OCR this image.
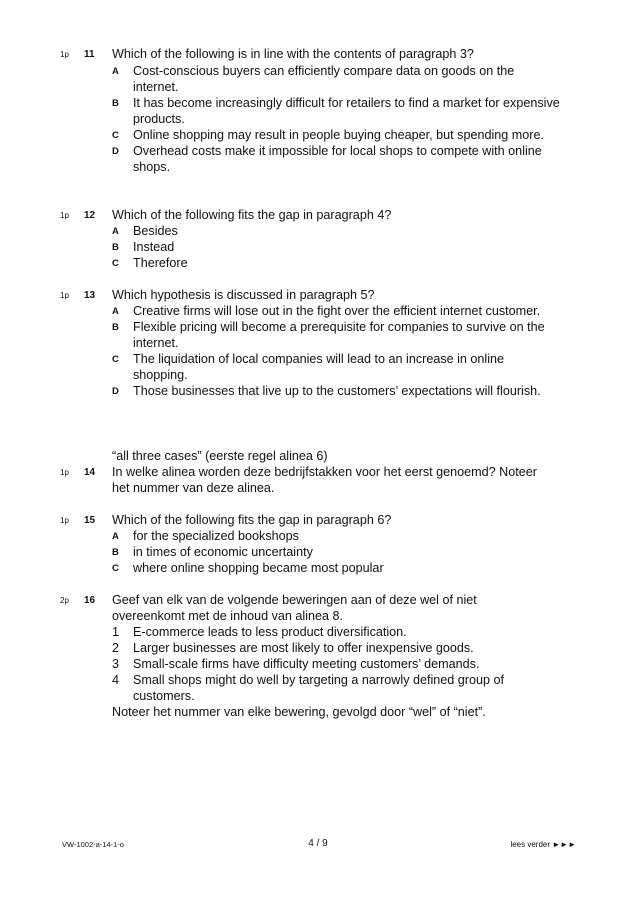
1p 11 Which of the following is in line with the contents of paragraph 3?
A Cost-conscious buyers can efficiently compare data on goods on the internet.
B It has become increasingly difficult for retailers to find a market for expensive products.
C Online shopping may result in people buying cheaper, but spending more.
D Overhead costs make it impossible for local shops to compete with online shops.
1p 12 Which of the following fits the gap in paragraph 4?
A Besides
B Instead
C Therefore
1p 13 Which hypothesis is discussed in paragraph 5?
A Creative firms will lose out in the fight over the efficient internet customer.
B Flexible pricing will become a prerequisite for companies to survive on the internet.
C The liquidation of local companies will lead to an increase in online shopping.
D Those businesses that live up to the customers’ expectations will flourish.
“all three cases” (eerste regel alinea 6)
1p 14 In welke alinea worden deze bedrijfstakken voor het eerst genoemd? Noteer het nummer van deze alinea.
1p 15 Which of the following fits the gap in paragraph 6?
A for the specialized bookshops
B in times of economic uncertainty
C where online shopping became most popular
2p 16 Geef van elk van de volgende beweringen aan of deze wel of niet overeenkomt met de inhoud van alinea 8.
1 E-commerce leads to less product diversification.
2 Larger businesses are most likely to offer inexpensive goods.
3 Small-scale firms have difficulty meeting customers’ demands.
4 Small shops might do well by targeting a narrowly defined group of customers.
Noteer het nummer van elke bewering, gevolgd door “wel” of “niet”.
VW-1002-a-14-1-o	4 / 9	lees verder ►►►
